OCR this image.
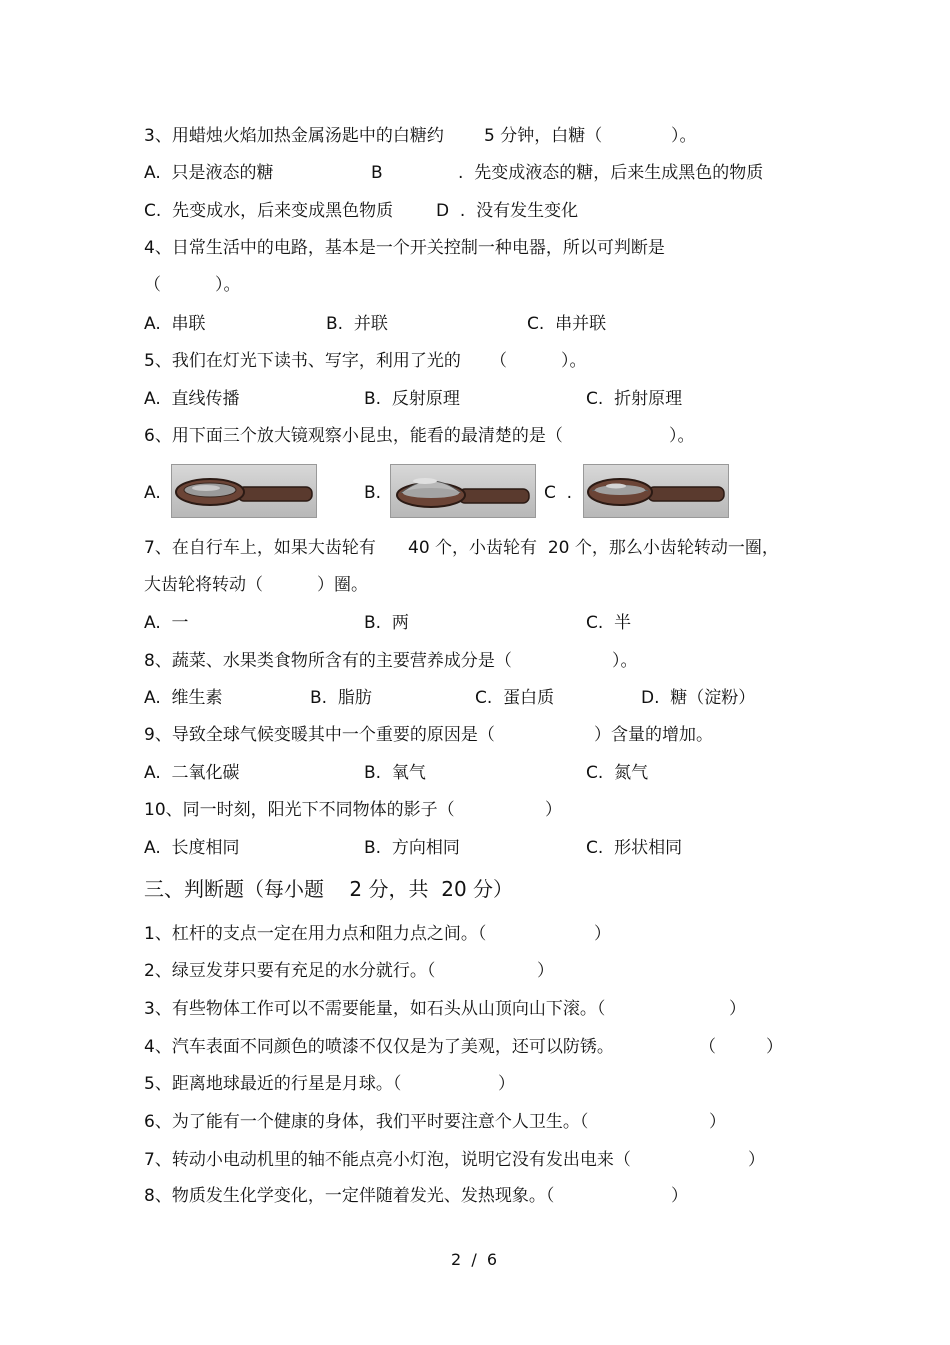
3、用蜡烛火焰加热金属汤匙中的白糖约 5 分钟，白糖（	）。
A.  只是液态的糖	B	.  先变成液态的糖，后来生成黑色的物质
C.  先变成水，后来变成黑色物质	D  .  没有发生变化
4、日常生活中的电路，基本是一个开关控制一种电器，所以可判断是
（          ）。
A.  串联	B.  并联	C.  串并联
5、我们在灯光下读书、写字，利用了光的 （          ）。
A.  直线传播	B.  反射原理	C.  折射原理
6、用下面三个放大镜观察小昆虫，能看的最清楚的是（	）。
A.	B.	C  .
7、在自行车上，如果大齿轮有 40 个，小齿轮有  20 个，那么小齿轮转动一圈，
大齿轮将转动（          ）圈。
A.  一	B.  两	C.  半
8、蔬菜、水果类食物所含有的主要营养成分是（	）。
A.  维生素	B.  脂肪	C.  蛋白质	D.  糖（淀粉）
9、导致全球气候变暖其中一个重要的原因是（	）含量的增加。
A.  二氧化碳	B.  氧气	C.  氮气
10、同一时刻，阳光下不同物体的影子（	）
A.  长度相同	B.  方向相同	C.  形状相同
三、判断题（每小题    2 分，共  20 分）
1、杠杆的支点一定在用力点和阻力点之间。（	）
2、绿豆发芽只要有充足的水分就行。（	）
3、有些物体工作可以不需要能量，如石头从山顶向山下滚。（	）
4、汽车表面不同颜色的喷漆不仅仅是为了美观，还可以防锈。	（	）
5、距离地球最近的行星是月球。（	）
6、为了能有一个健康的身体，我们平时要注意个人卫生。（	）
7、转动小电动机里的轴不能点亮小灯泡，说明它没有发出电来（	）
8、物质发生化学变化，一定伴随着发光、发热现象。（	）
2  /  6
